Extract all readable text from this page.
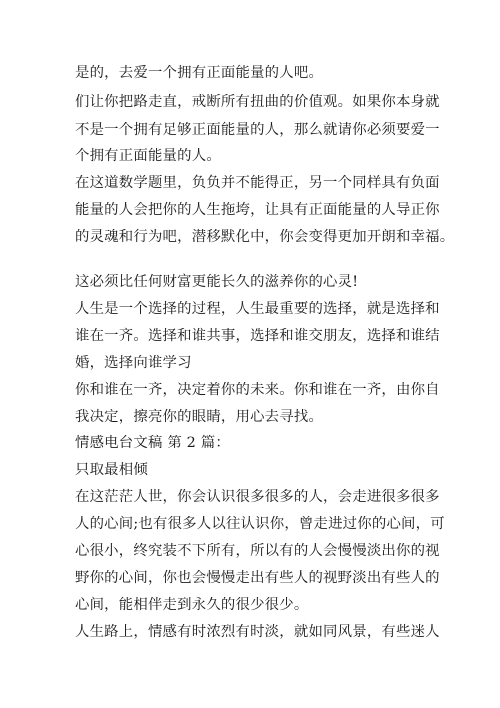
是的，去爱一个拥有正面能量的人吧。
们让你把路走直，戒断所有扭曲的价值观。如果你本身就
不是一个拥有足够正面能量的人，那么就请你必须要爱一
个拥有正面能量的人。
在这道数学题里，负负并不能得正，另一个同样具有负面
能量的人会把你的人生拖垮，让具有正面能量的人导正你
的灵魂和行为吧，潜移默化中，你会变得更加开朗和幸福。
这必须比任何财富更能长久的滋养你的心灵!
人生是一个选择的过程，人生最重要的选择，就是选择和
谁在一齐。选择和谁共事，选择和谁交朋友，选择和谁结
婚，选择向谁学习
你和谁在一齐，决定着你的未来。你和谁在一齐，由你自
我决定，擦亮你的眼睛，用心去寻找。
情感电台文稿 第 2 篇：
只取最相倾
在这茫茫人世，你会认识很多很多的人，会走进很多很多
人的心间;也有很多人以往认识你，曾走进过你的心间，可
心很小，终究装不下所有，所以有的人会慢慢淡出你的视
野你的心间，你也会慢慢走出有些人的视野淡出有些人的
心间，能相伴走到永久的很少很少。
人生路上，情感有时浓烈有时淡，就如同风景，有些迷人
